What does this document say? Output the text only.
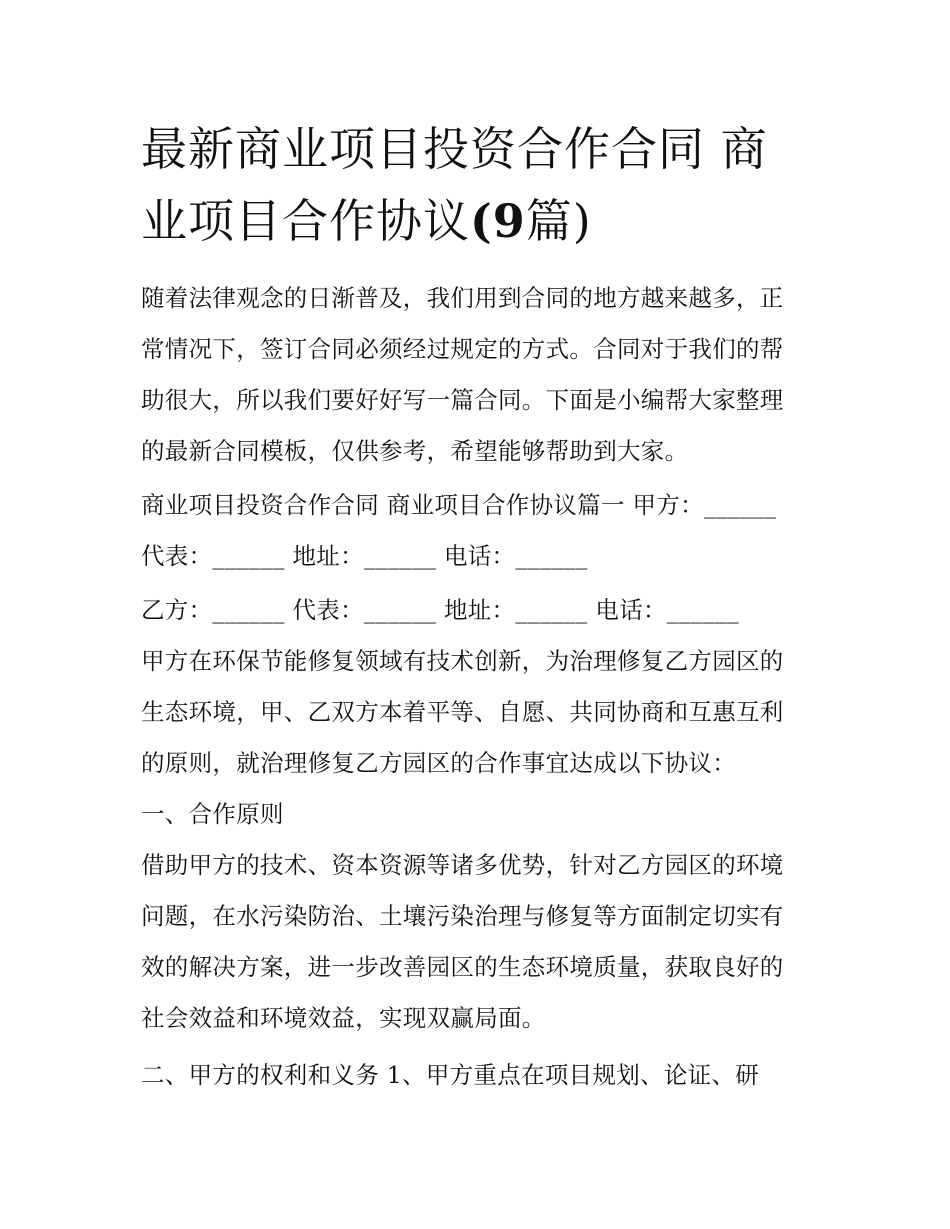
最新商业项目投资合作合同 商
业项目合作协议(9篇)

随着法律观念的日渐普及，我们用到合同的地方越来越多，正

常情况下，签订合同必须经过规定的方式。合同对于我们的帮

助很大，所以我们要好好写一篇合同。下面是小编帮大家整理

的最新合同模板，仅供参考，希望能够帮助到大家。

商业项目投资合作合同 商业项目合作协议篇一 甲方：______

代表：______ 地址：______ 电话：______

乙方：______ 代表：______ 地址：______ 电话：______

甲方在环保节能修复领域有技术创新，为治理修复乙方园区的

生态环境，甲、乙双方本着平等、自愿、共同协商和互惠互利

的原则，就治理修复乙方园区的合作事宜达成以下协议：

一、合作原则

借助甲方的技术、资本资源等诸多优势，针对乙方园区的环境

问题，在水污染防治、土壤污染治理与修复等方面制定切实有

效的解决方案，进一步改善园区的生态环境质量，获取良好的

社会效益和环境效益，实现双赢局面。

二、甲方的权利和义务 1、甲方重点在项目规划、论证、研
